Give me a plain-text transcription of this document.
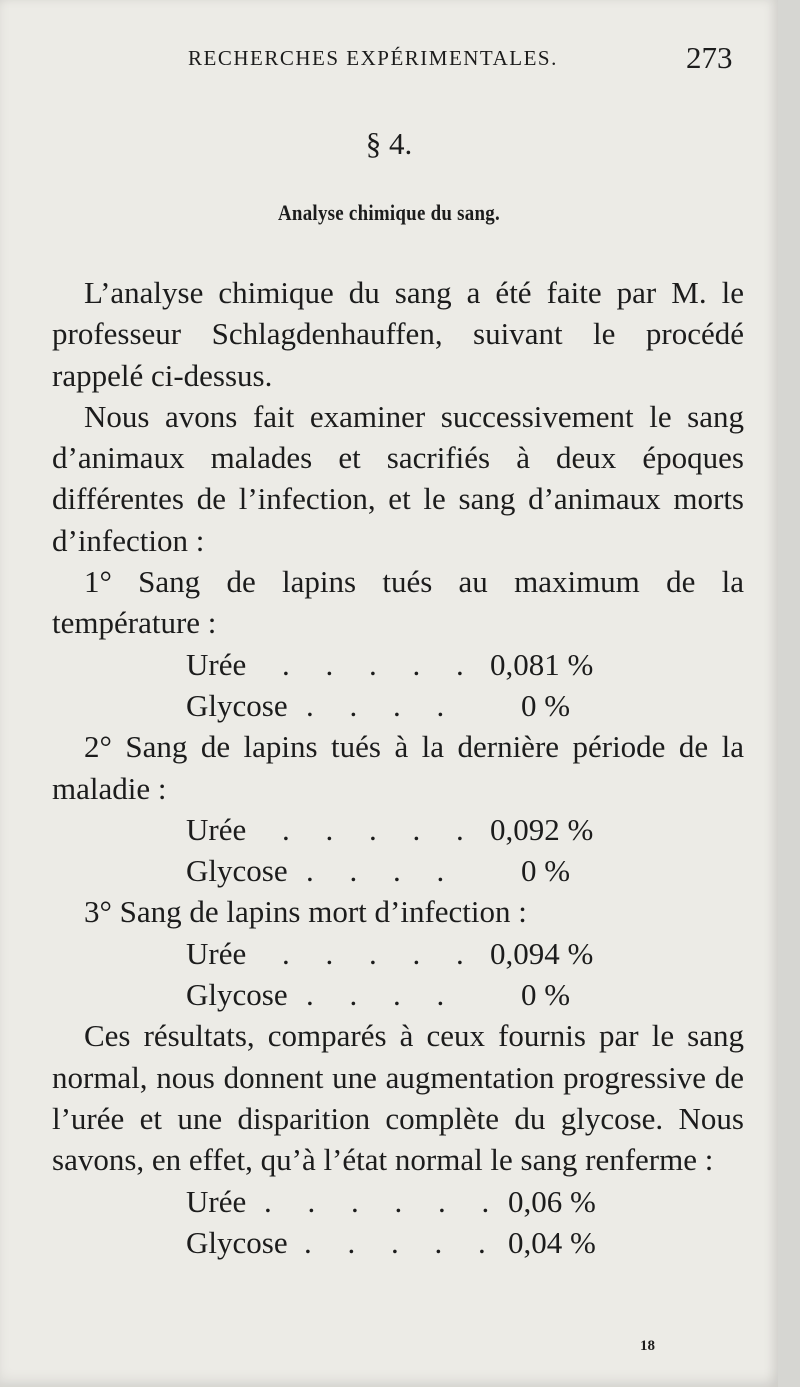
RECHERCHES EXPÉRIMENTALES.	273
§ 4.
Analyse chimique du sang.

L’analyse chimique du sang a été faite par M. le professeur Schlagdenhauffen, suivant le procédé rappelé ci-dessus.

Nous avons fait examiner successivement le sang d’animaux malades et sacrifiés à deux époques différentes de l’infection, et le sang d’animaux morts d’infection :

1° Sang de lapins tués au maximum de la température :

Urée . . . . . 0,081 %
Glycose . . . . 0 %

2° Sang de lapins tués à la dernière période de la maladie :

Urée . . . . . 0,092 %
Glycose . . . . 0 %

3° Sang de lapins mort d’infection :

Urée . . . . . 0,094 %
Glycose . . . . 0 %

Ces résultats, comparés à ceux fournis par le sang normal, nous donnent une augmentation progressive de l’urée et une disparition complète du glycose. Nous savons, en effet, qu’à l’état normal le sang renferme :

Urée . . . . . . 0,06 %
Glycose . . . . . 0,04 %
18
